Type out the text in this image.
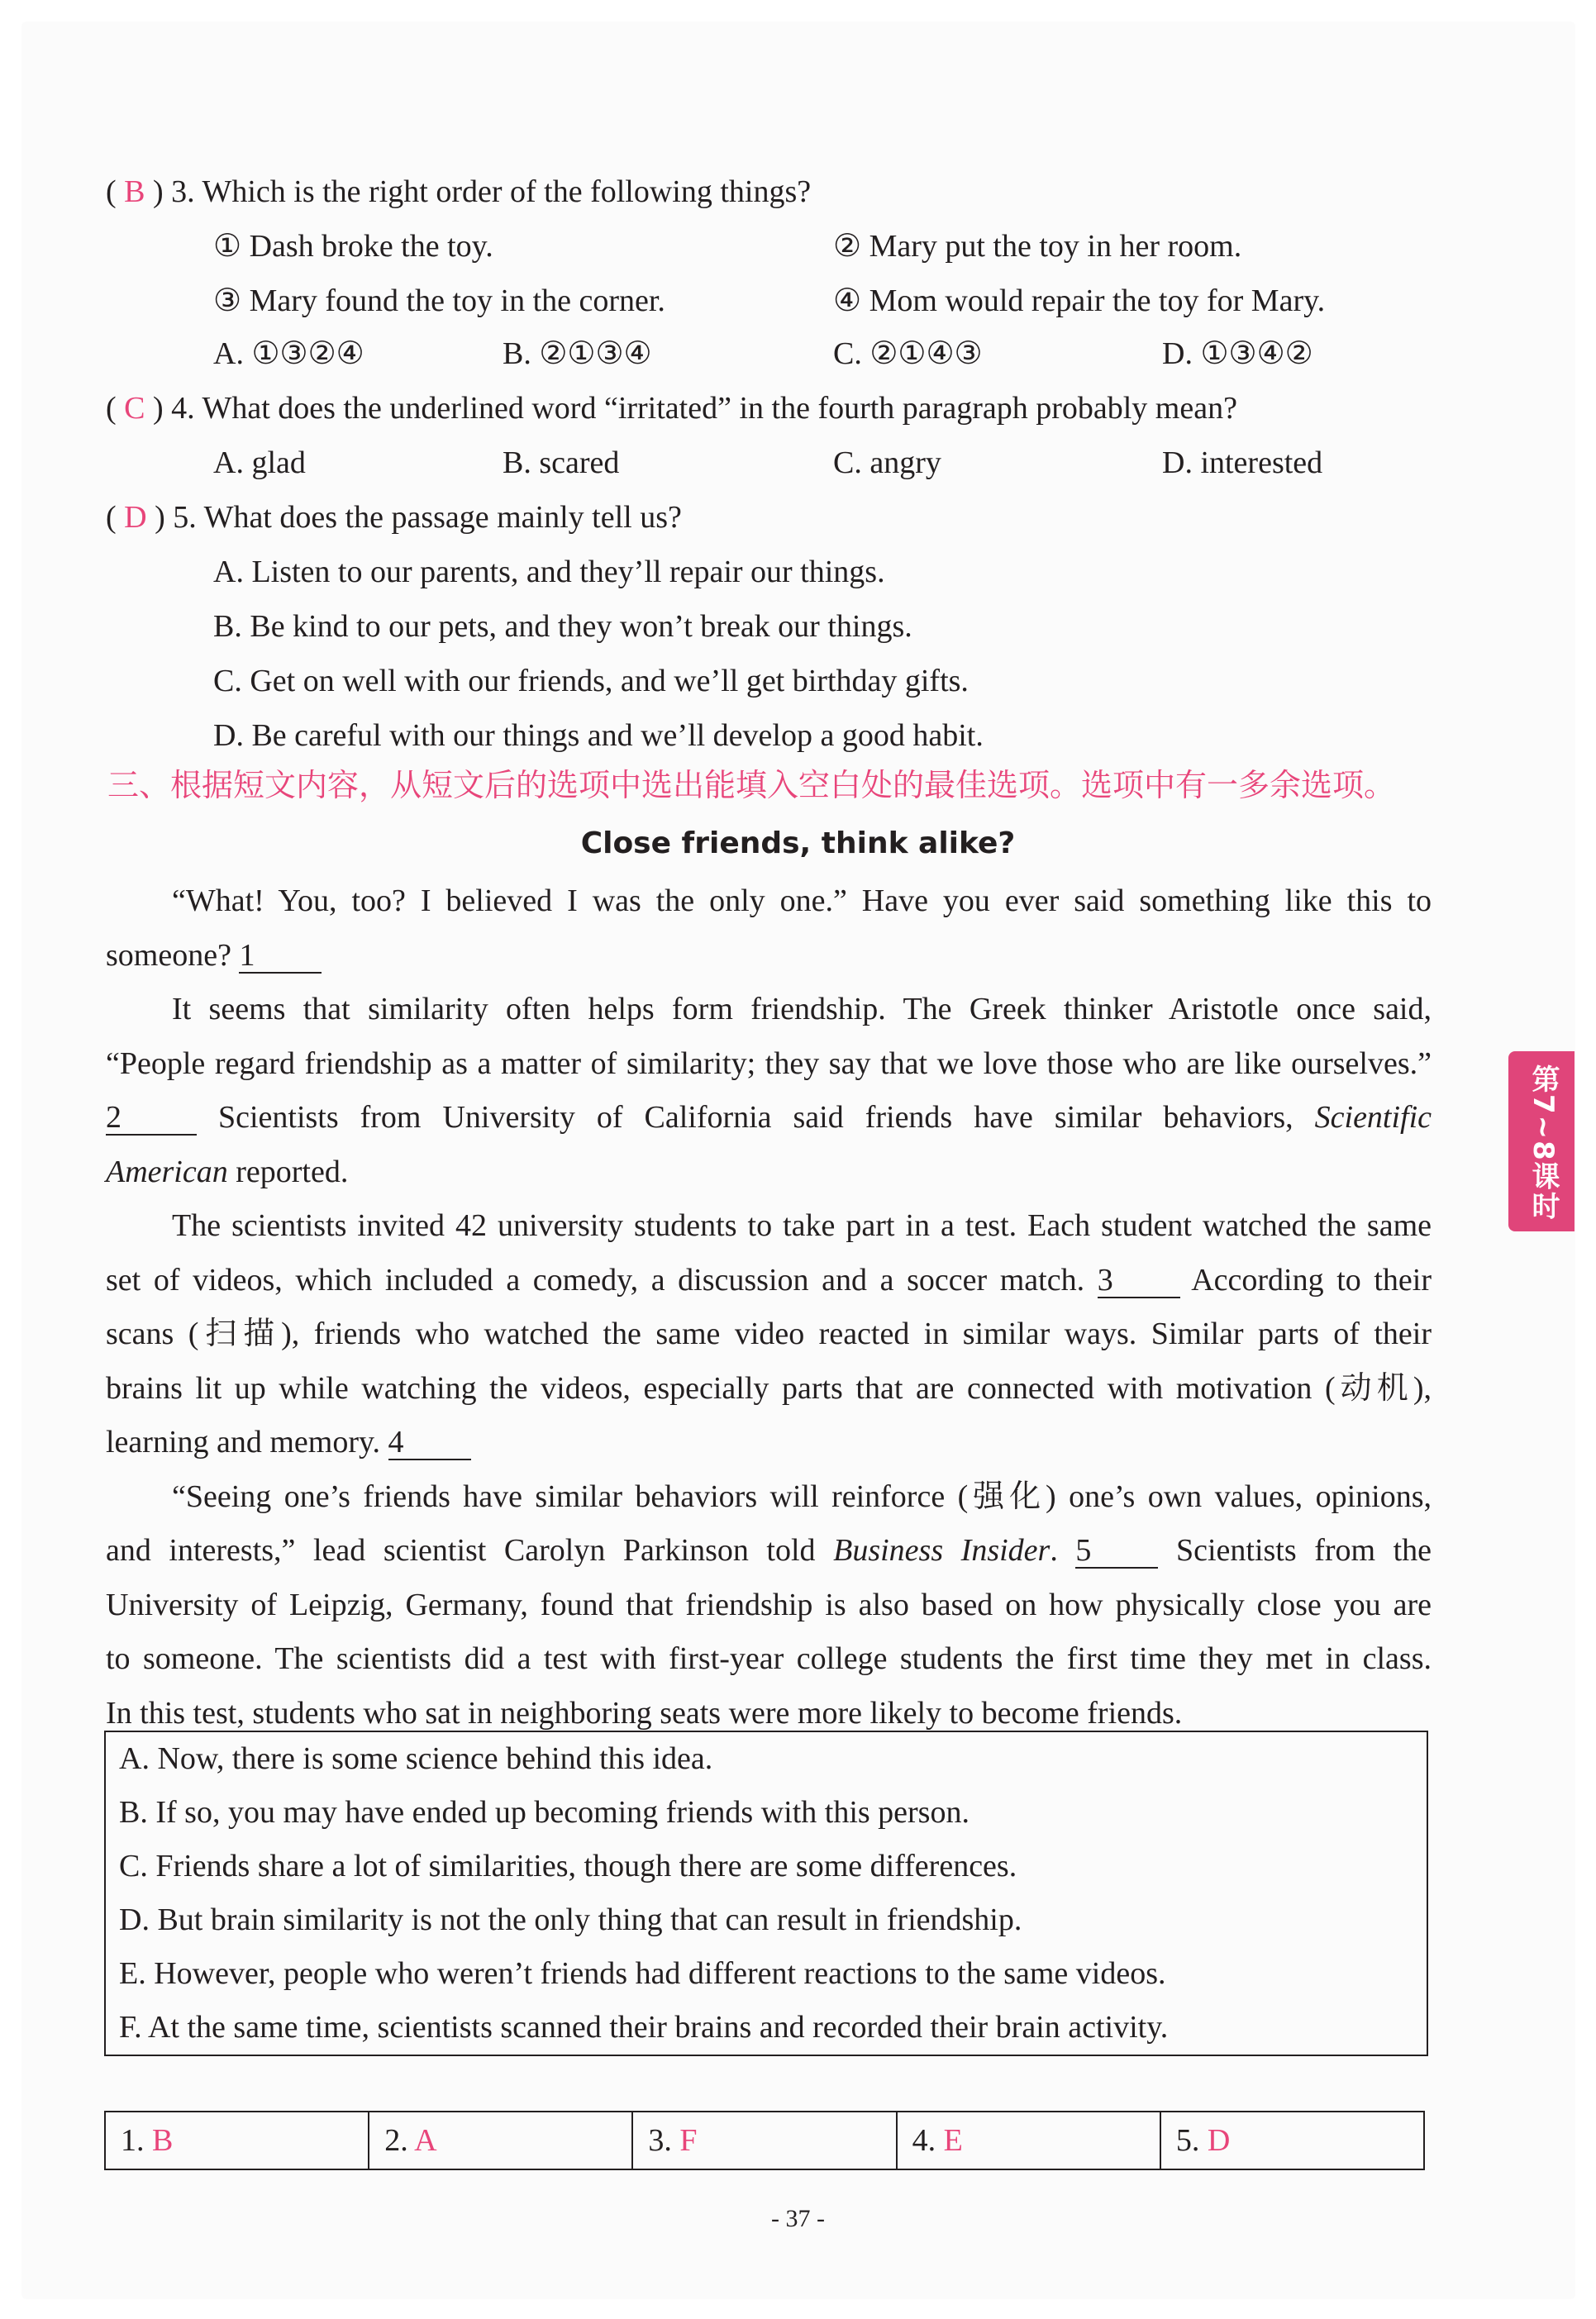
( B ) 3. Which is the right order of the following things?
① Dash broke the toy.	② Mary put the toy in her room.
③ Mary found the toy in the corner.	④ Mom would repair the toy for Mary.
A. ①③②④	B. ②①③④	C. ②①④③	D. ①③④②
( C ) 4. What does the underlined word “irritated” in the fourth paragraph probably mean?
A. glad	B. scared	C. angry	D. interested
( D ) 5. What does the passage mainly tell us?
A. Listen to our parents, and they’ll repair our things.
B. Be kind to our pets, and they won’t break our things.
C. Get on well with our friends, and we’ll get birthday gifts.
D. Be careful with our things and we’ll develop a good habit.
三、根据短文内容，从短文后的选项中选出能填入空白处的最佳选项。选项中有一多余选项。
Close friends, think alike?
“What! You, too? I believed I was the only one.” Have you ever said something like this to
someone? 1
It seems that similarity often helps form friendship. The Greek thinker Aristotle once said,
“People regard friendship as a matter of similarity; they say that we love those who are like ourselves.”
2	Scientists from University of California said friends have similar behaviors, Scientific
American reported.
The scientists invited 42 university students to take part in a test. Each student watched the same
set of videos, which included a comedy, a discussion and a soccer match. 3 According to their
scans (扫描), friends who watched the same video reacted in similar ways. Similar parts of their
brains lit up while watching the videos, especially parts that are connected with motivation (动机),
learning and memory. 4
“Seeing one’s friends have similar behaviors will reinforce (强化) one’s own values, opinions,
and interests,” lead scientist Carolyn Parkinson told Business Insider. 5	Scientists from the
University of Leipzig, Germany, found that friendship is also based on how physically close you are
to someone. The scientists did a test with first-year college students the first time they met in class.
In this test, students who sat in neighboring seats were more likely to become friends.
A. Now, there is some science behind this idea.
B. If so, you may have ended up becoming friends with this person.
C. Friends share a lot of similarities, though there are some differences.
D. But brain similarity is not the only thing that can result in friendship.
E. However, people who weren’t friends had different reactions to the same videos.
F. At the same time, scientists scanned their brains and recorded their brain activity.
1. B	2. A	3. F	4. E	5. D
第7~8课时
- 37 -
